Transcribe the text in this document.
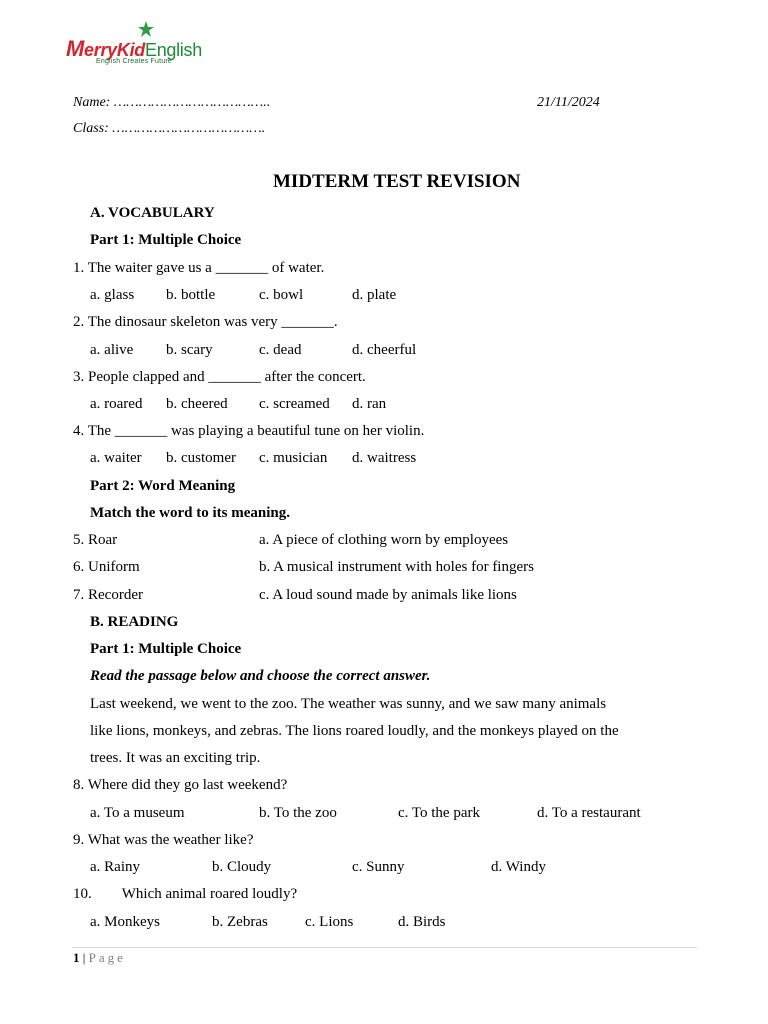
MerryKidEnglish
English Creates Future
Name: ………………………………..	21/11/2024
Class: ……………………………….
MIDTERM TEST REVISION
A. VOCABULARY
Part 1: Multiple Choice
1. The waiter gave us a _______ of water.
a. glass b. bottle	c. bowl	d. plate
2. The dinosaur skeleton was very _______.
a. alive b. scary	c. dead	d. cheerful
3. People clapped and _______ after the concert.
a. roared b. cheered c. screamed d. ran
4. The _______ was playing a beautiful tune on her violin.
a. waiter b. customer c. musician d. waitress
Part 2: Word Meaning
Match the word to its meaning.
5. Roar	a. A piece of clothing worn by employees
6. Uniform	b. A musical instrument with holes for fingers
7. Recorder	c. A loud sound made by animals like lions
B. READING
Part 1: Multiple Choice
Read the passage below and choose the correct answer.
Last weekend, we went to the zoo. The weather was sunny, and we saw many animals
like lions, monkeys, and zebras. The lions roared loudly, and the monkeys played on the
trees. It was an exciting trip.
8. Where did they go last weekend?
a. To a museum	b. To the zoo	c. To the park	d. To a restaurant
9. What was the weather like?
a. Rainy	b. Cloudy	c. Sunny	d. Windy
10. Which animal roared loudly?
a. Monkeys	b. Zebras c. Lions	d. Birds
1 | Page
